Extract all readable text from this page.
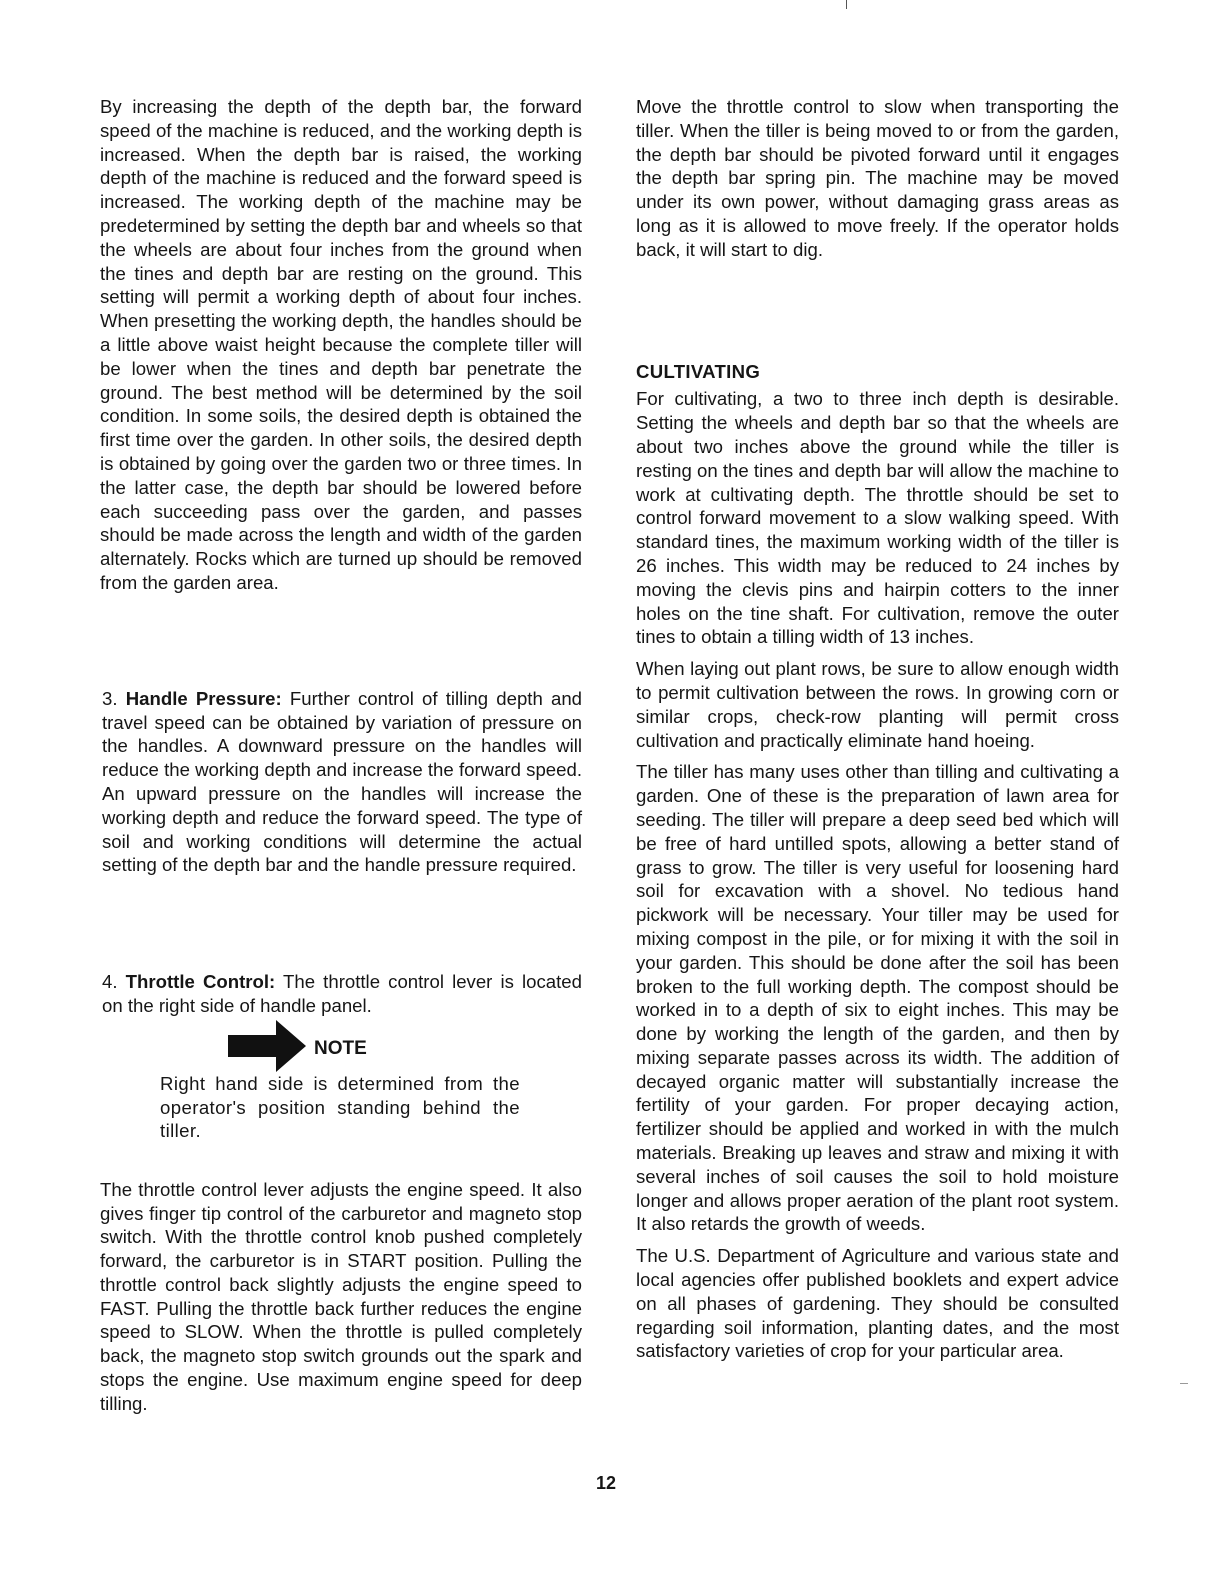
By increasing the depth of the depth bar, the forward speed of the machine is reduced, and the working depth is increased. When the depth bar is raised, the working depth of the machine is reduced and the forward speed is increased. The working depth of the machine may be predetermined by setting the depth bar and wheels so that the wheels are about four inches from the ground when the tines and depth bar are resting on the ground. This setting will permit a working depth of about four inches. When presetting the working depth, the handles should be a little above waist height because the complete tiller will be lower when the tines and depth bar penetrate the ground. The best method will be determined by the soil condition. In some soils, the desired depth is obtained the first time over the garden. In other soils, the desired depth is obtained by going over the garden two or three times. In the latter case, the depth bar should be lowered before each succeeding pass over the garden, and passes should be made across the length and width of the garden alternately. Rocks which are turned up should be removed from the garden area.

3. Handle Pressure: Further control of tilling depth and travel speed can be obtained by variation of pressure on the handles. A downward pressure on the handles will reduce the working depth and increase the forward speed. An upward pressure on the handles will increase the working depth and reduce the forward speed. The type of soil and working conditions will determine the actual setting of the depth bar and the handle pressure required.

4. Throttle Control: The throttle control lever is located on the right side of handle panel.

NOTE

Right hand side is determined from the operator's position standing behind the tiller.

The throttle control lever adjusts the engine speed. It also gives finger tip control of the carburetor and magneto stop switch. With the throttle control knob pushed completely forward, the carburetor is in START position. Pulling the throttle control back slightly adjusts the engine speed to FAST. Pulling the throttle back further reduces the engine speed to SLOW. When the throttle is pulled completely back, the magneto stop switch grounds out the spark and stops the engine. Use maximum engine speed for deep tilling.

Move the throttle control to slow when transporting the tiller. When the tiller is being moved to or from the garden, the depth bar should be pivoted forward until it engages the depth bar spring pin. The machine may be moved under its own power, without damaging grass areas as long as it is allowed to move freely. If the operator holds back, it will start to dig.

CULTIVATING

For cultivating, a two to three inch depth is desirable. Setting the wheels and depth bar so that the wheels are about two inches above the ground while the tiller is resting on the tines and depth bar will allow the machine to work at cultivating depth. The throttle should be set to control forward movement to a slow walking speed. With standard tines, the maximum working width of the tiller is 26 inches. This width may be reduced to 24 inches by moving the clevis pins and hairpin cotters to the inner holes on the tine shaft. For cultivation, remove the outer tines to obtain a tilling width of 13 inches.

When laying out plant rows, be sure to allow enough width to permit cultivation between the rows. In growing corn or similar crops, check-row planting will permit cross cultivation and practically eliminate hand hoeing.

The tiller has many uses other than tilling and cultivating a garden. One of these is the preparation of lawn area for seeding. The tiller will prepare a deep seed bed which will be free of hard untilled spots, allowing a better stand of grass to grow. The tiller is very useful for loosening hard soil for excavation with a shovel. No tedious hand pickwork will be necessary. Your tiller may be used for mixing compost in the pile, or for mixing it with the soil in your garden. This should be done after the soil has been broken to the full working depth. The compost should be worked in to a depth of six to eight inches. This may be done by working the length of the garden, and then by mixing separate passes across its width. The addition of decayed organic matter will substantially increase the fertility of your garden. For proper decaying action, fertilizer should be applied and worked in with the mulch materials. Breaking up leaves and straw and mixing it with several inches of soil causes the soil to hold moisture longer and allows proper aeration of the plant root system. It also retards the growth of weeds.

The U.S. Department of Agriculture and various state and local agencies offer published booklets and expert advice on all phases of gardening. They should be consulted regarding soil information, planting dates, and the most satisfactory varieties of crop for your particular area.

12
